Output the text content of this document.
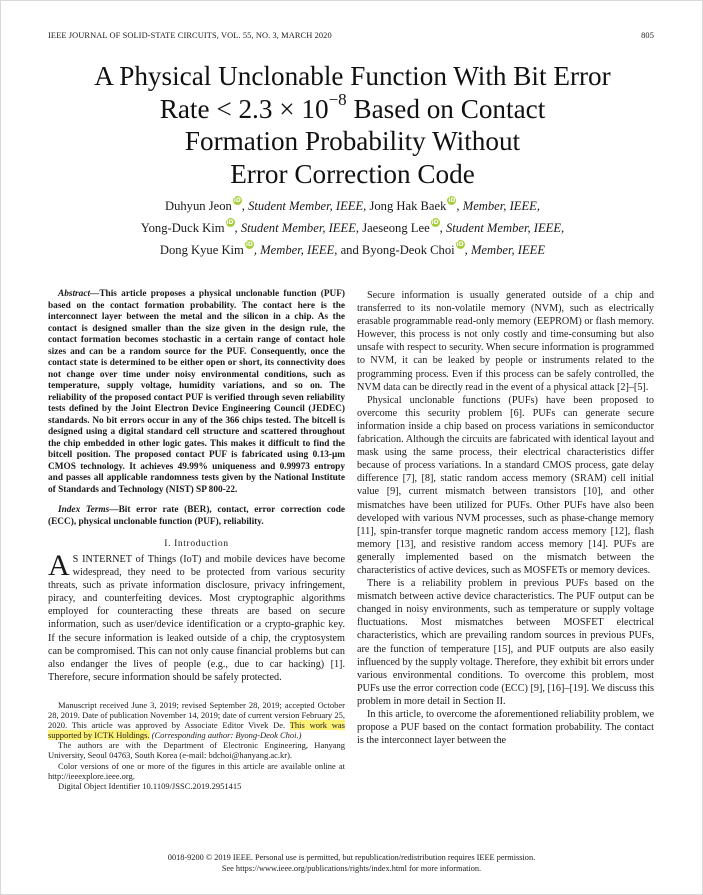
IEEE JOURNAL OF SOLID-STATE CIRCUITS, VOL. 55, NO. 3, MARCH 2020	805
A Physical Unclonable Function With Bit Error
Rate < $2.3 \times 10^{-8}$ Based on Contact
Formation Probability Without
Error Correction Code
Duhyun Jeon iD, Student Member, IEEE, Jong Hak Baek iD, Member, IEEE,
Yong-Duck Kim iD, Student Member, IEEE, Jaeseong Lee iD, Student Member, IEEE,
Dong Kyue Kim iD, Member, IEEE, and Byong-Deok Choi iD, Member, IEEE

Abstract—This article proposes a physical unclonable function (PUF) based on the contact formation probability. The contact here is the interconnect layer between the metal and the silicon in a chip. As the contact is designed smaller than the size given in the design rule, the contact formation becomes stochastic in a certain range of contact hole sizes and can be a random source for the PUF. Consequently, once the contact state is determined to be either open or short, its connectivity does not change over time under noisy environmental conditions, such as temperature, supply voltage, humidity variations, and so on. The reliability of the proposed contact PUF is verified through seven reliability tests defined by the Joint Electron Device Engineering Council (JEDEC) standards. No bit errors occur in any of the 366 chips tested. The bitcell is designed using a digital standard cell structure and scattered throughout the chip embedded in other logic gates. This makes it difficult to find the bitcell position. The proposed contact PUF is fabricated using 0.13-μm CMOS technology. It achieves 49.99% uniqueness and 0.99973 entropy and passes all applicable randomness tests given by the National Institute of Standards and Technology (NIST) SP 800-22.

Index Terms—Bit error rate (BER), contact, error correction code (ECC), physical unclonable function (PUF), reliability.

I. Introduction

AS INTERNET of Things (IoT) and mobile devices have become widespread, they need to be protected from various security threats, such as private information disclosure, privacy infringement, piracy, and counterfeiting devices. Most cryptographic algorithms employed for counteracting these threats are based on secure information, such as user/device identification or a crypto-graphic key. If the secure information is leaked outside of a chip, the cryptosystem can be compromised. This can not only cause financial problems but can also endanger the lives of people (e.g., due to car hacking) [1]. Therefore, secure information should be safely protected.

Manuscript received June 3, 2019; revised September 28, 2019; accepted October 28, 2019. Date of publication November 14, 2019; date of current version February 25, 2020. This article was approved by Associate Editor Vivek De. This work was supported by ICTK Holdings. (Corresponding author: Byong-Deok Choi.)

The authors are with the Department of Electronic Engineering, Hanyang University, Seoul 04763, South Korea (e-mail: bdchoi@hanyang.ac.kr).

Color versions of one or more of the figures in this article are available online at http://ieeexplore.ieee.org.

Digital Object Identifier 10.1109/JSSC.2019.2951415

Secure information is usually generated outside of a chip and transferred to its non-volatile memory (NVM), such as electrically erasable programmable read-only memory (EEPROM) or flash memory. However, this process is not only costly and time-consuming but also unsafe with respect to security. When secure information is programmed to NVM, it can be leaked by people or instruments related to the programming process. Even if this process can be safely controlled, the NVM data can be directly read in the event of a physical attack [2]–[5].

Physical unclonable functions (PUFs) have been proposed to overcome this security problem [6]. PUFs can generate secure information inside a chip based on process variations in semiconductor fabrication. Although the circuits are fabricated with identical layout and mask using the same process, their electrical characteristics differ because of process variations. In a standard CMOS process, gate delay difference [7], [8], static random access memory (SRAM) cell initial value [9], current mismatch between transistors [10], and other mismatches have been utilized for PUFs. Other PUFs have also been developed with various NVM processes, such as phase-change memory [11], spin-transfer torque magnetic random access memory [12], flash memory [13], and resistive random access memory [14]. PUFs are generally implemented based on the mismatch between the characteristics of active devices, such as MOSFETs or memory devices.

There is a reliability problem in previous PUFs based on the mismatch between active device characteristics. The PUF output can be changed in noisy environments, such as temperature or supply voltage fluctuations. Most mismatches between MOSFET electrical characteristics, which are prevailing random sources in previous PUFs, are the function of temperature [15], and PUF outputs are also easily influenced by the supply voltage. Therefore, they exhibit bit errors under various environmental conditions. To overcome this problem, most PUFs use the error correction code (ECC) [9], [16]–[19]. We discuss this problem in more detail in Section II.

In this article, to overcome the aforementioned reliability problem, we propose a PUF based on the contact formation probability. The contact is the interconnect layer between the

0018-9200 © 2019 IEEE. Personal use is permitted, but republication/redistribution requires IEEE permission.
See https://www.ieee.org/publications/rights/index.html for more information.
